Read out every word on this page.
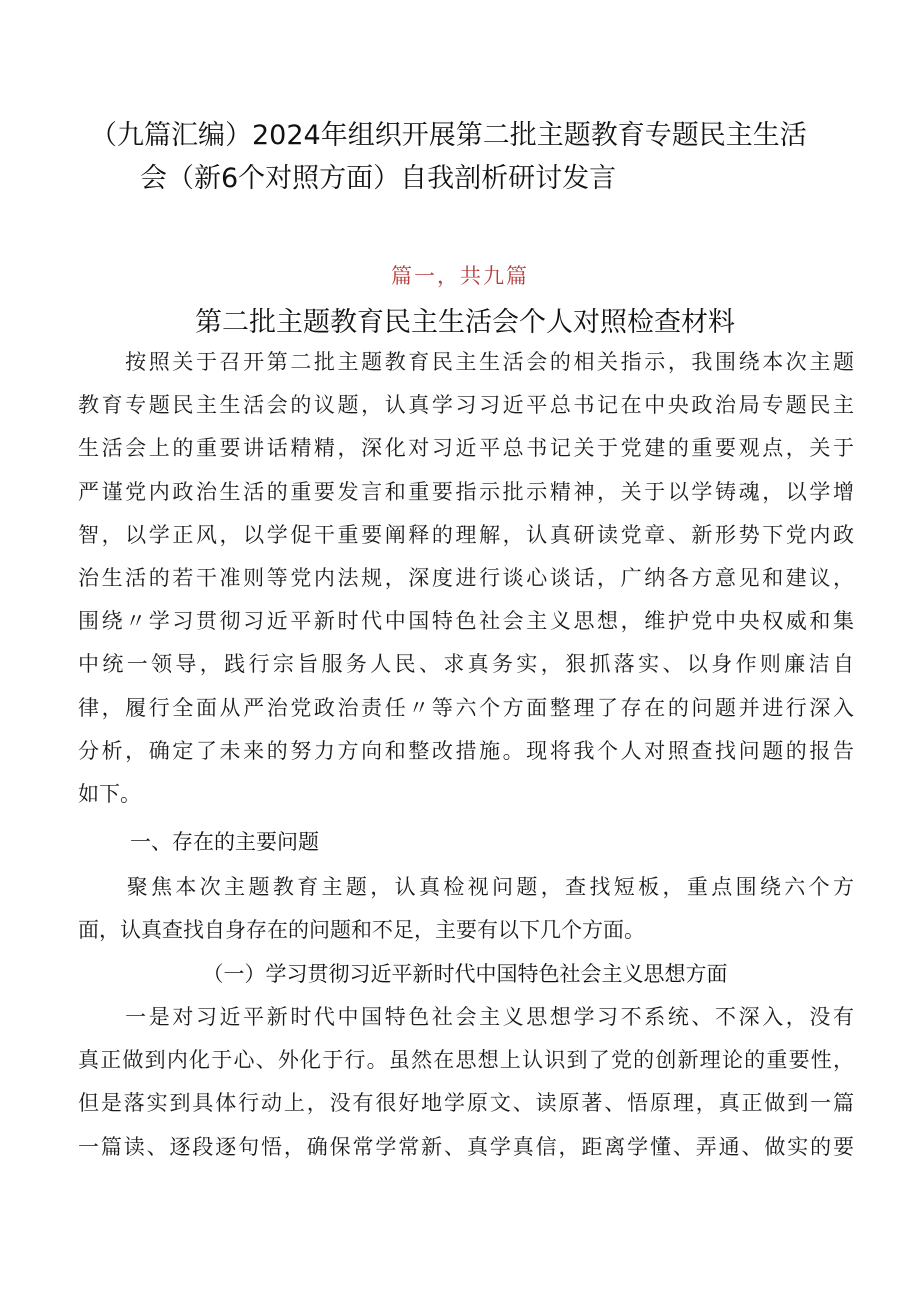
（九篇汇编）2024年组织开展第二批主题教育专题民主生活
会（新6个对照方面）自我剖析研讨发言
篇一，共九篇
第二批主题教育民主生活会个人对照检查材料
　　按照关于召开第二批主题教育民主生活会的相关指示，我围绕本次主题
教育专题民主生活会的议题，认真学习习近平总书记在中央政治局专题民主
生活会上的重要讲话精精，深化对习近平总书记关于党建的重要观点，关于
严谨党内政治生活的重要发言和重要指示批示精神，关于以学铸魂，以学增
智，以学正风，以学促干重要阐释的理解，认真研读党章、新形势下党内政
治生活的若干准则等党内法规，深度进行谈心谈话，广纳各方意见和建议，
围绕〃学习贯彻习近平新时代中国特色社会主义思想，维护党中央权威和集
中统一领导，践行宗旨服务人民、求真务实，狠抓落实、以身作则廉洁自
律，履行全面从严治党政治责任〃等六个方面整理了存在的问题并进行深入
分析，确定了未来的努力方向和整改措施。现将我个人对照查找问题的报告
如下。
一、存在的主要问题
　　聚焦本次主题教育主题，认真检视问题，查找短板，重点围绕六个方
面，认真查找自身存在的问题和不足，主要有以下几个方面。
（一）学习贯彻习近平新时代中国特色社会主义思想方面
　　一是对习近平新时代中国特色社会主义思想学习不系统、不深入，没有
真正做到内化于心、外化于行。虽然在思想上认识到了党的创新理论的重要性，
但是落实到具体行动上，没有很好地学原文、读原著、悟原理，真正做到一篇
一篇读、逐段逐句悟，确保常学常新、真学真信，距离学懂、弄通、做实的要
